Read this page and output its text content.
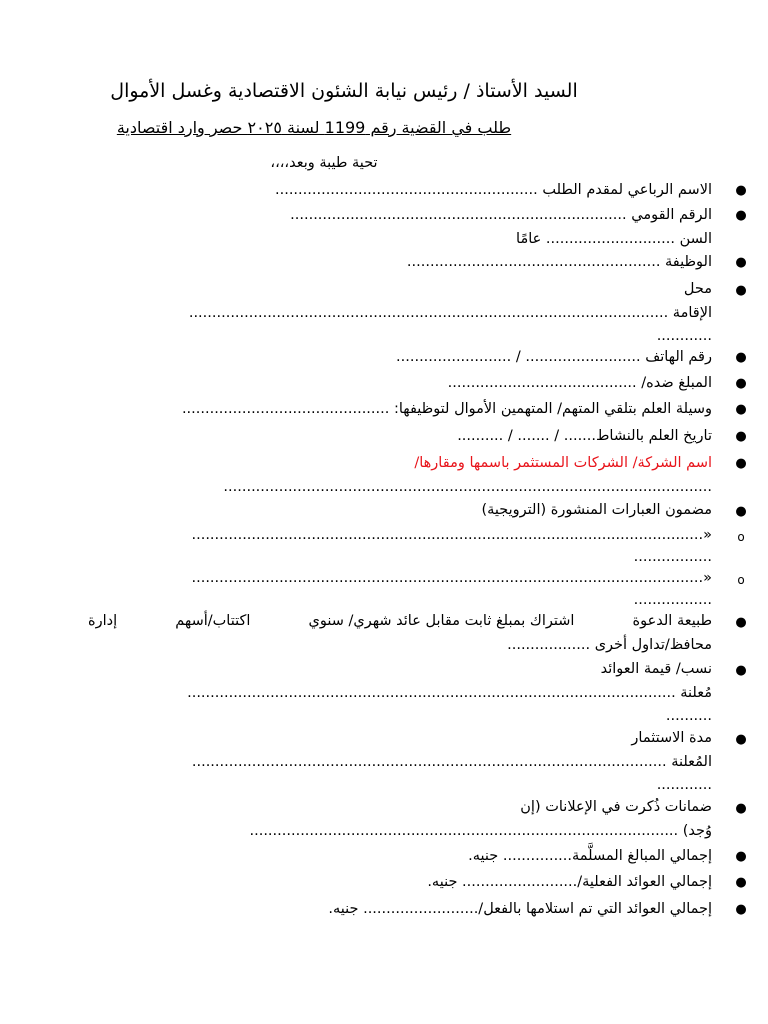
السيد الأستاذ / رئيس نيابة الشئون الاقتصادية وغسل الأموال
طلب في القضية رقم 1199 لسنة ٢٠٢٥ حصر وارد اقتصادية
تحية طيبة وبعد،،،،
●
الاسم الرباعي لمقدم الطلب .........................................................
●
الرقم القومي .........................................................................
السن ............................ عامًا
●
الوظيفة .......................................................
●
محل
الإقامة ........................................................................................................
............
●
رقم الهاتف ......................... / .........................
●
المبلغ ضده/ .........................................
●
وسيلة العلم بتلقي المتهم/ المتهمين الأموال لتوظيفها: .............................................
●
تاريخ العلم بالنشاط....... / ....... / ..........
●
اسم الشركة/ الشركات المستثمر باسمها ومقارها/
..........................................................................................................
●
مضمون العبارات المنشورة (الترويجية)
o
«...............................................................................................................
.................
o
«...............................................................................................................
.................
●
طبيعة الدعوة
اشتراك بمبلغ ثابت مقابل عائد شهري/ سنوي
اكتتاب/أسهم
إدارة
محافظ/تداول أخرى ..................
●
نسب/ قيمة العوائد
مُعلنة ..........................................................................................................
..........
●
مدة الاستثمار
المُعلنة .......................................................................................................
............
●
ضمانات ذُكرت في الإعلانات (إن
وُجد) .............................................................................................
●
إجمالي المبالغ المسلَّمة............... جنيه.
●
إجمالي العوائد الفعلية/......................... جنيه.
●
إجمالي العوائد التي تم استلامها بالفعل/......................... جنيه.
